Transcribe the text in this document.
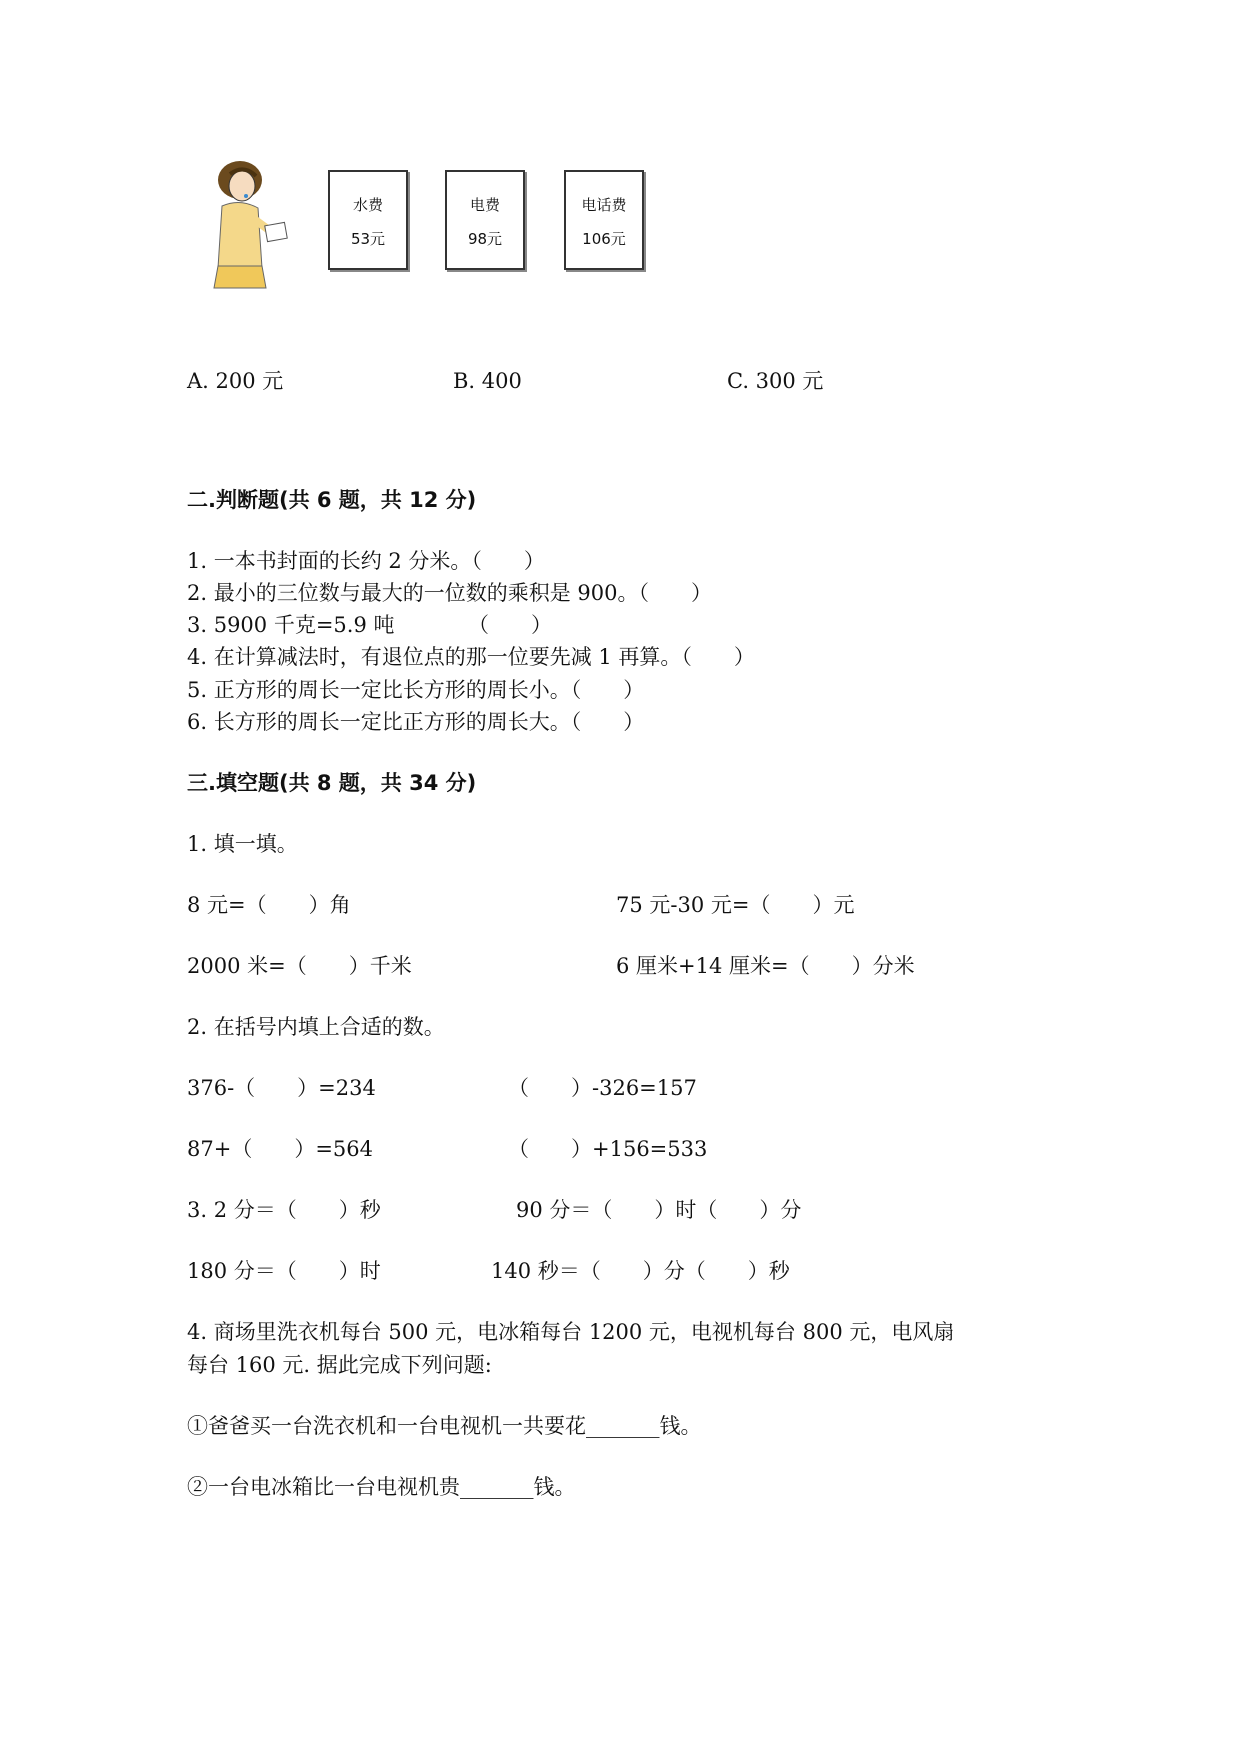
水费
53元
电费
98元
电话费
106元
A. 200 元	B. 400	C. 300 元
二.判断题(共 6 题，共 12 分)
1. 一本书封面的长约 2 分米。（　　）
2. 最小的三位数与最大的一位数的乘积是 900。（　　）
3. 5900 千克=5.9 吨　　　　（　　）
4. 在计算减法时，有退位点的那一位要先减 1 再算。（　　）
5. 正方形的周长一定比长方形的周长小。（　　）
6. 长方形的周长一定比正方形的周长大。（　　）
三.填空题(共 8 题，共 34 分)
1. 填一填。
8 元=（　　）角	75 元-30 元=（　　）元
2000 米=（　　）千米	6 厘米+14 厘米=（　　）分米
2. 在括号内填上合适的数。
376-（　　）=234	（　　）-326=157
87+（　　）=564	（　　）+156=533
3. 2 分＝（　　）秒	90 分＝（　　）时（　　）分
180 分＝（　　）时	140 秒＝（　　）分（　　）秒
4. 商场里洗衣机每台 500 元，电冰箱每台 1200 元，电视机每台 800 元，电风扇
每台 160 元. 据此完成下列问题:
①爸爸买一台洗衣机和一台电视机一共要花_______钱。
②一台电冰箱比一台电视机贵_______钱。
